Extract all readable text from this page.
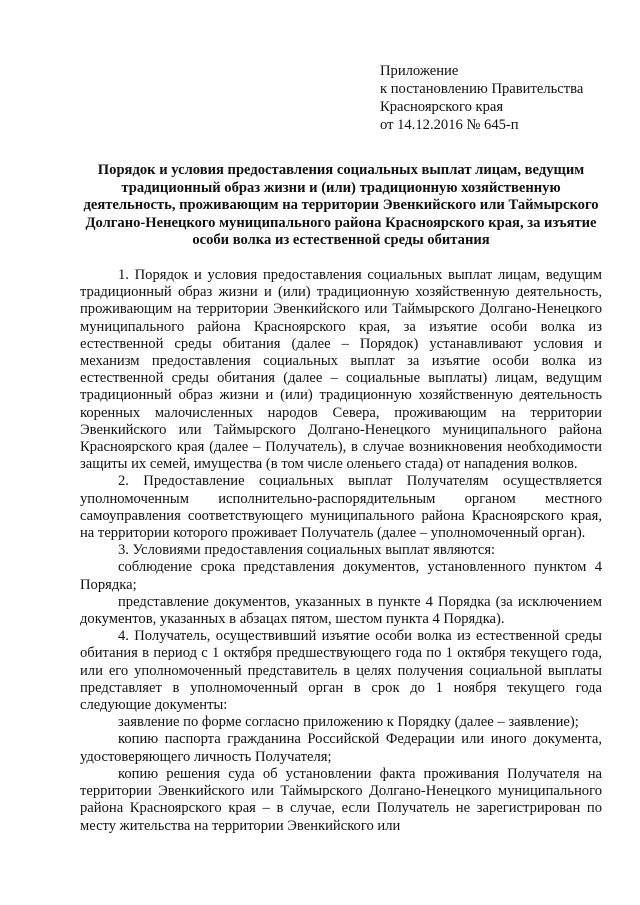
Приложение
к постановлению Правительства
Красноярского края
от 14.12.2016 № 645-п
Порядок и условия предоставления социальных выплат лицам, ведущим традиционный образ жизни и (или) традиционную хозяйственную деятельность, проживающим на территории Эвенкийского или Таймырского Долгано-Ненецкого муниципального района Красноярского края, за изъятие особи волка из естественной среды обитания

1. Порядок и условия предоставления социальных выплат лицам, ведущим традиционный образ жизни и (или) традиционную хозяйственную деятельность, проживающим на территории Эвенкийского или Таймырского Долгано-Ненецкого муниципального района Красноярского края, за изъятие особи волка из естественной среды обитания (далее – Порядок) устанавливают условия и механизм предоставления социальных выплат за изъятие особи волка из естественной среды обитания (далее – социальные выплаты) лицам, ведущим традиционный образ жизни и (или) традиционную хозяйственную деятельность коренных малочисленных народов Севера, проживающим на территории Эвенкийского или Таймырского Долгано-Ненецкого муниципального района Красноярского края (далее – Получатель), в случае возникновения необходимости защиты их семей, имущества (в том числе оленьего стада) от нападения волков.

2. Предоставление социальных выплат Получателям осуществляется уполномоченным исполнительно-распорядительным органом местного самоуправления соответствующего муниципального района Красноярского края, на территории которого проживает Получатель (далее – уполномоченный орган).

3. Условиями предоставления социальных выплат являются:

соблюдение срока представления документов, установленного пунктом 4 Порядка;

представление документов, указанных в пункте 4 Порядка (за исключением документов, указанных в абзацах пятом, шестом пункта 4 Порядка).

4. Получатель, осуществивший изъятие особи волка из естественной среды обитания в период с 1 октября предшествующего года по 1 октября текущего года, или его уполномоченный представитель в целях получения социальной выплаты представляет в уполномоченный орган в срок до 1 ноября текущего года следующие документы:

заявление по форме согласно приложению к Порядку (далее – заявление);

копию паспорта гражданина Российской Федерации или иного документа, удостоверяющего личность Получателя;

копию решения суда об установлении факта проживания Получателя на территории Эвенкийского или Таймырского Долгано-Ненецкого муниципального района Красноярского края – в случае, если Получатель не зарегистрирован по месту жительства на территории Эвенкийского или
